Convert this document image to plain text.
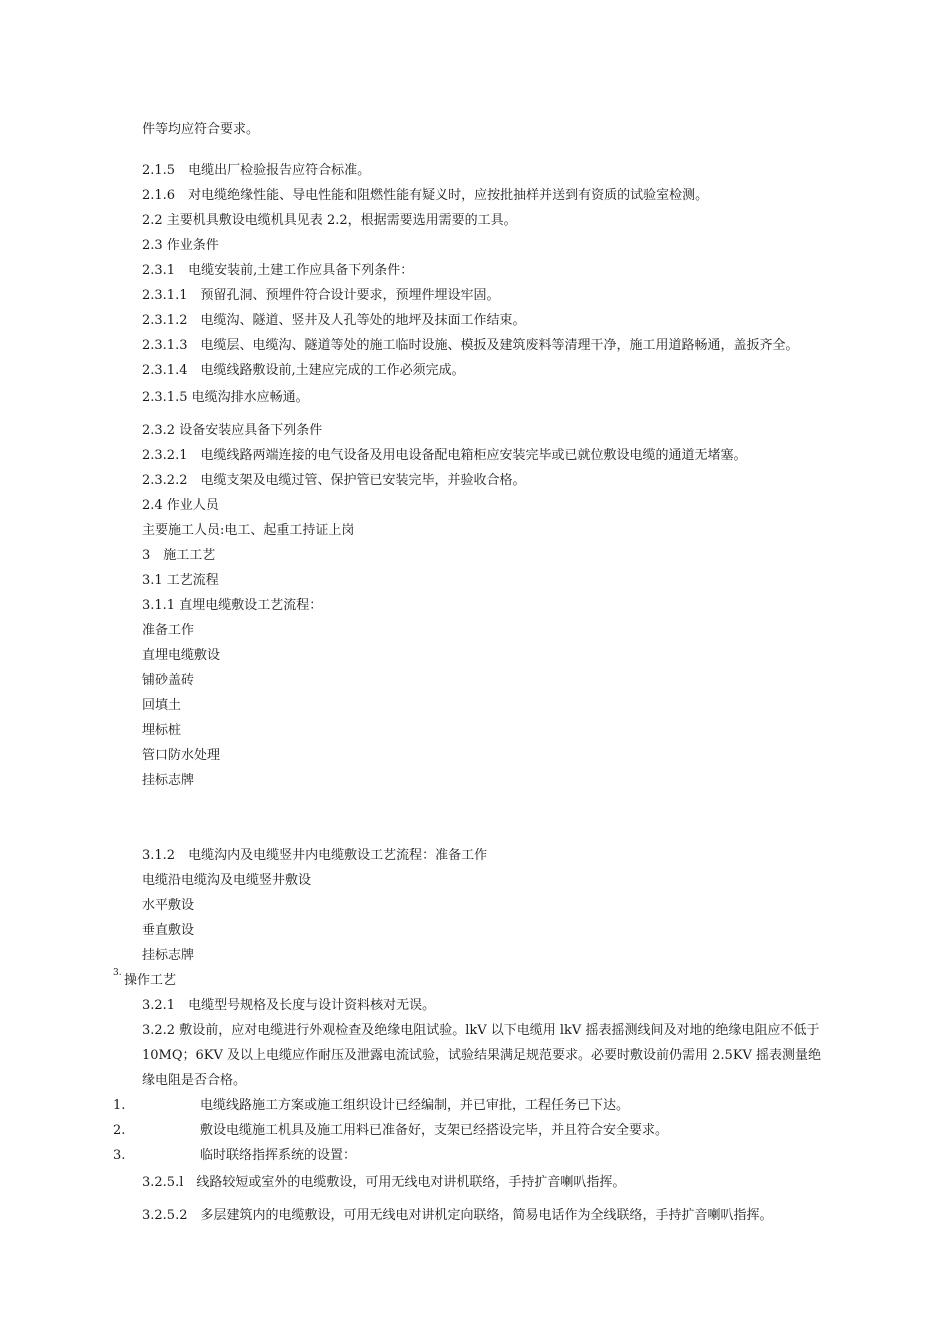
件等均应符合要求。
2.1.5　电缆出厂检验报告应符合标准。
2.1.6　对电缆绝缘性能、导电性能和阻燃性能有疑义时，应按批抽样并送到有资质的试验室检测。
2.2 主要机具敷设电缆机具见表 2.2，根据需要选用需要的工具。
2.3 作业条件
2.3.1　电缆安装前,土建工作应具备下列条件：
2.3.1.1　预留孔洞、预埋件符合设计要求，预埋件埋设牢固。
2.3.1.2　电缆沟、隧道、竖井及人孔等处的地坪及抹面工作结束。
2.3.1.3　电缆层、电缆沟、隧道等处的施工临时设施、模扳及建筑废料等清理干净，施工用道路畅通，盖扳齐全。
2.3.1.4　电缆线路敷设前,土建应完成的工作必须完成。
2.3.1.5 电缆沟排水应畅通。
2.3.2 设备安装应具备下列条件
2.3.2.1　电缆线路两端连接的电气设备及用电设备配电箱柜应安装完毕或已就位敷设电缆的通道无堵塞。
2.3.2.2　电缆支架及电缆过管、保护管已安装完毕，并验收合格。
2.4 作业人员
主要施工人员:电工、起重工持证上岗
3　施工工艺
3.1 工艺流程
3.1.1 直埋电缆敷设工艺流程：
准备工作
直埋电缆敷设
铺砂盖砖
回填土
埋标桩
管口防水处理
挂标志牌
3.1.2　电缆沟内及电缆竖井内电缆敷设工艺流程：准备工作
电缆沿电缆沟及电缆竖井敷设
水平敷设
垂直敷设
挂标志牌
3. 操作工艺
3.2.1　电缆型号规格及长度与设计资料核对无误。
3.2.2 敷设前，应对电缆进行外观检查及绝缘电阻试验。lkV 以下电缆用 lkV 摇表摇测线间及对地的绝缘电阻应不低于
10MQ；6KV 及以上电缆应作耐压及泄露电流试验，试验结果满足规范要求。必要时敷设前仍需用 2.5KV 摇表测量绝
缘电阻是否合格。
1.	电缆线路施工方案或施工组织设计已经编制，并已审批，工程任务已下达。
2.	敷设电缆施工机具及施工用料已准备好，支架已经搭设完毕，并且符合安全要求。
3.	临时联络指挥系统的设置：
3.2.5.l　线路较短或室外的电缆敷设，可用无线电对讲机联络，手持扩音喇叭指挥。
3.2.5.2　多层建筑内的电缆敷设，可用无线电对讲机定向联络，简易电话作为全线联络，手持扩音喇叭指挥。
